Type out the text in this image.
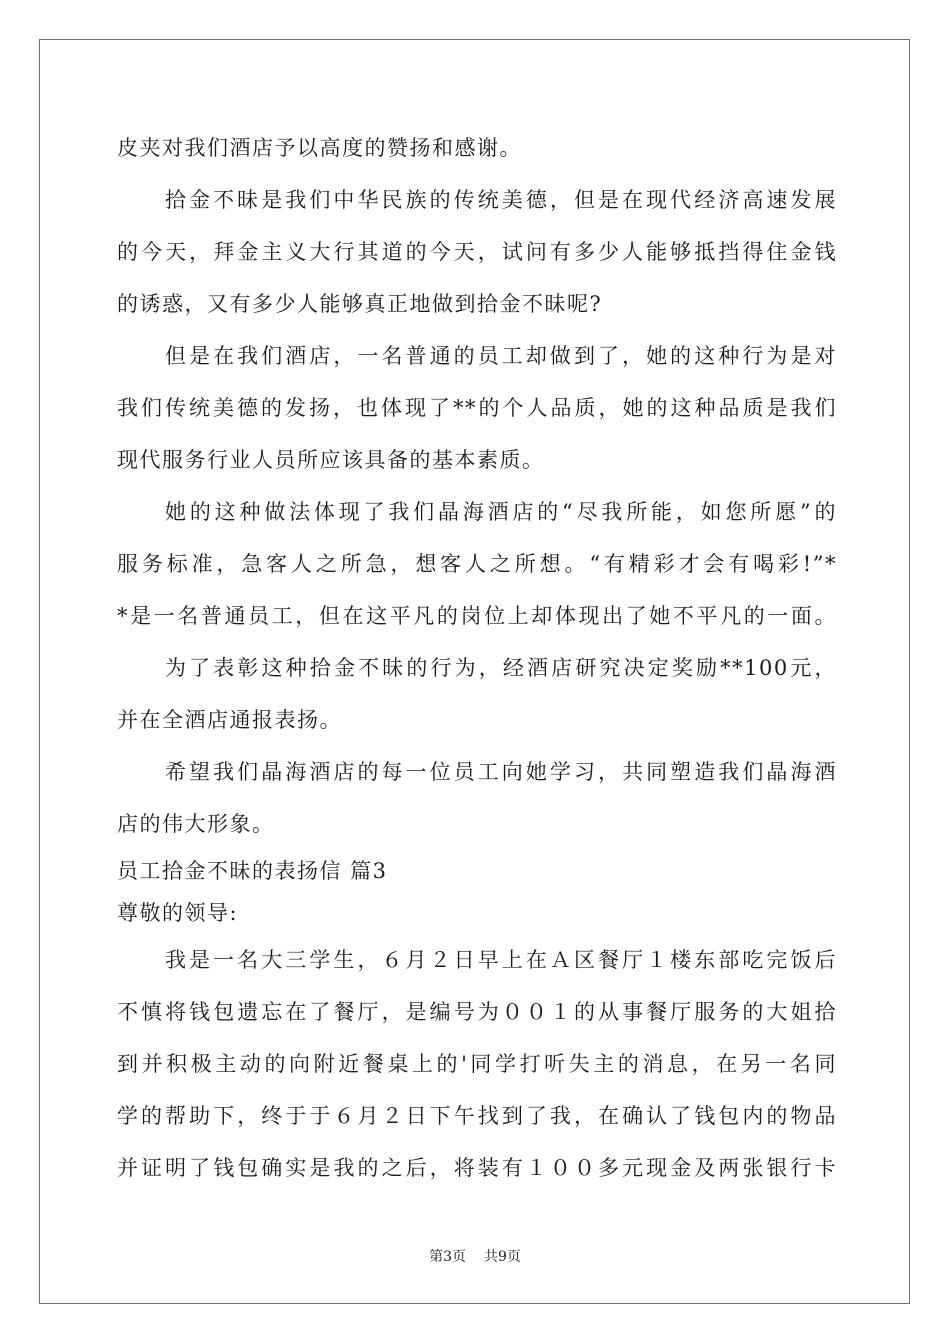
皮夹对我们酒店予以高度的赞扬和感谢。
拾金不昧是我们中华民族的传统美德，但是在现代经济高速发展
的今天，拜金主义大行其道的今天，试问有多少人能够抵挡得住金钱
的诱惑，又有多少人能够真正地做到拾金不昧呢?
但是在我们酒店，一名普通的员工却做到了，她的这种行为是对
我们传统美德的发扬，也体现了**的个人品质，她的这种品质是我们
现代服务行业人员所应该具备的基本素质。
她的这种做法体现了我们晶海酒店的“尽我所能，如您所愿”的
服务标准，急客人之所急，想客人之所想。“有精彩才会有喝彩!”*
*是一名普通员工，但在这平凡的岗位上却体现出了她不平凡的一面。
为了表彰这种拾金不昧的行为，经酒店研究决定奖励**100元，
并在全酒店通报表扬。
希望我们晶海酒店的每一位员工向她学习，共同塑造我们晶海酒
店的伟大形象。
员工拾金不昧的表扬信 篇3
尊敬的领导:
我是一名大三学生，６月２日早上在Ａ区餐厅１楼东部吃完饭后
不慎将钱包遗忘在了餐厅，是编号为００１的从事餐厅服务的大姐拾
到并积极主动的向附近餐桌上的'同学打听失主的消息，在另一名同
学的帮助下，终于于６月２日下午找到了我，在确认了钱包内的物品
并证明了钱包确实是我的之后，将装有１００多元现金及两张银行卡
第3页 共9页
